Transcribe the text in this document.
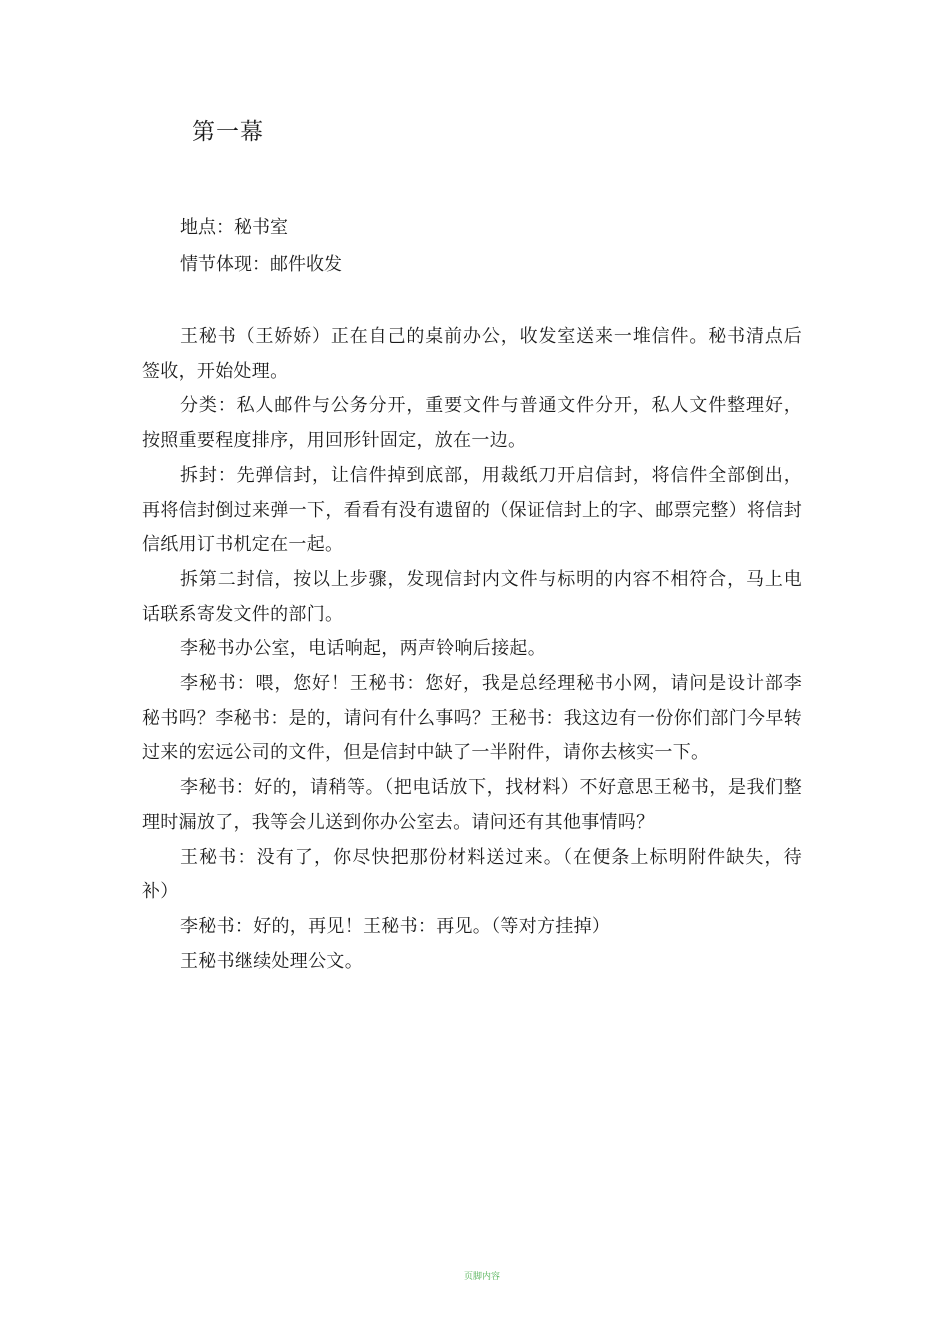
第一幕

地点：秘书室

情节体现：邮件收发

王秘书（王娇娇）正在自己的桌前办公，收发室送来一堆信件。秘书清点后签收，开始处理。

分类：私人邮件与公务分开，重要文件与普通文件分开，私人文件整理好，按照重要程度排序，用回形针固定，放在一边。

拆封：先弹信封，让信件掉到底部，用裁纸刀开启信封，将信件全部倒出，再将信封倒过来弹一下，看看有没有遗留的（保证信封上的字、邮票完整）将信封信纸用订书机定在一起。

拆第二封信，按以上步骤，发现信封内文件与标明的内容不相符合，马上电话联系寄发文件的部门。

李秘书办公室，电话响起，两声铃响后接起。

李秘书：喂，您好！王秘书：您好，我是总经理秘书小网，请问是设计部李秘书吗？李秘书：是的，请问有什么事吗？王秘书：我这边有一份你们部门今早转过来的宏远公司的文件，但是信封中缺了一半附件，请你去核实一下。

李秘书：好的，请稍等。（把电话放下，找材料）不好意思王秘书，是我们整理时漏放了，我等会儿送到你办公室去。请问还有其他事情吗？

王秘书：没有了，你尽快把那份材料送过来。（在便条上标明附件缺失，待补）

李秘书：好的，再见！王秘书：再见。（等对方挂掉）

王秘书继续处理公文。

页脚内容
